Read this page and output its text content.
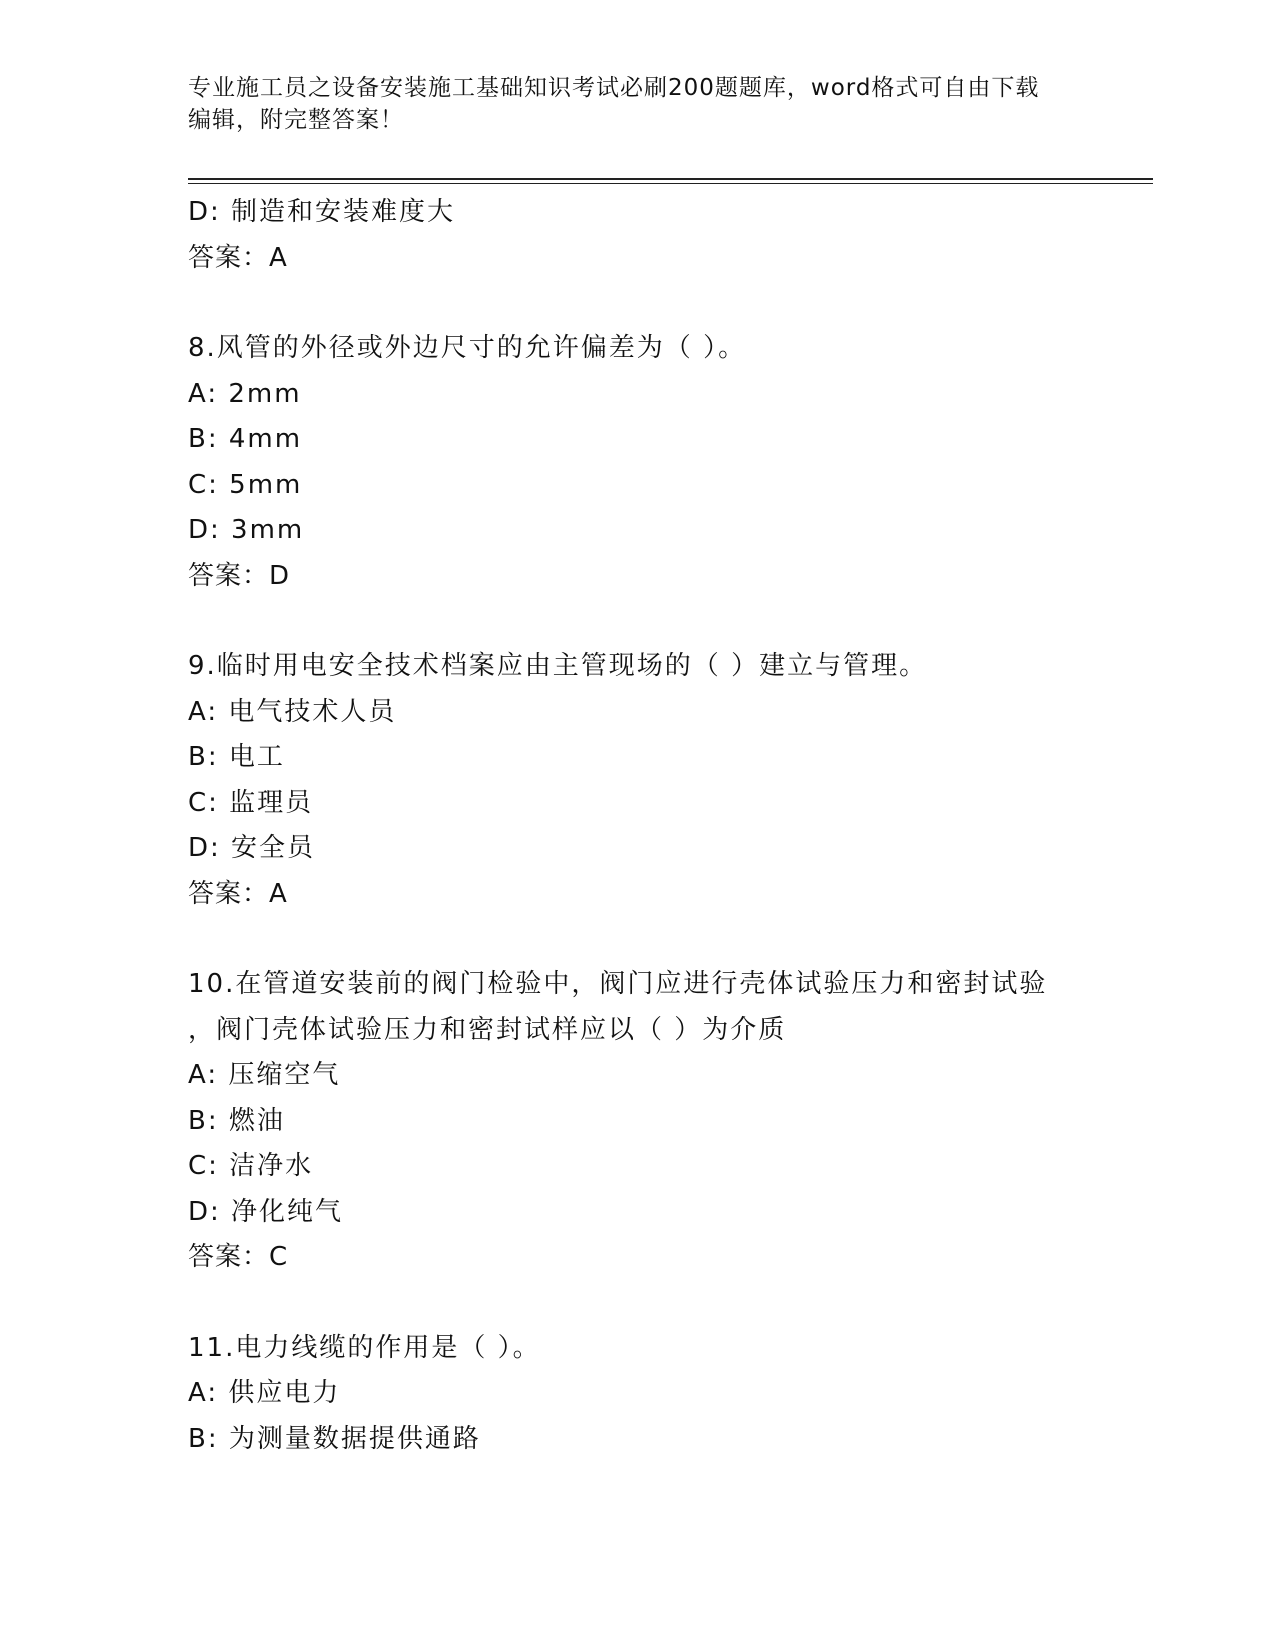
专业施工员之设备安装施工基础知识考试必刷200题题库，word格式可自由下载
编辑，附完整答案！
D: 制造和安装难度大
答案：A
8.风管的外径或外边尺寸的允许偏差为（ ）。
A: 2mm
B: 4mm
C: 5mm
D: 3mm
答案：D
9.临时用电安全技术档案应由主管现场的（ ）建立与管理。
A: 电气技术人员
B: 电工
C: 监理员
D: 安全员
答案：A
10.在管道安装前的阀门检验中，阀门应进行壳体试验压力和密封试验
，阀门壳体试验压力和密封试样应以（ ）为介质
A: 压缩空气
B: 燃油
C: 洁净水
D: 净化纯气
答案：C
11.电力线缆的作用是（ ）。
A: 供应电力
B: 为测量数据提供通路
